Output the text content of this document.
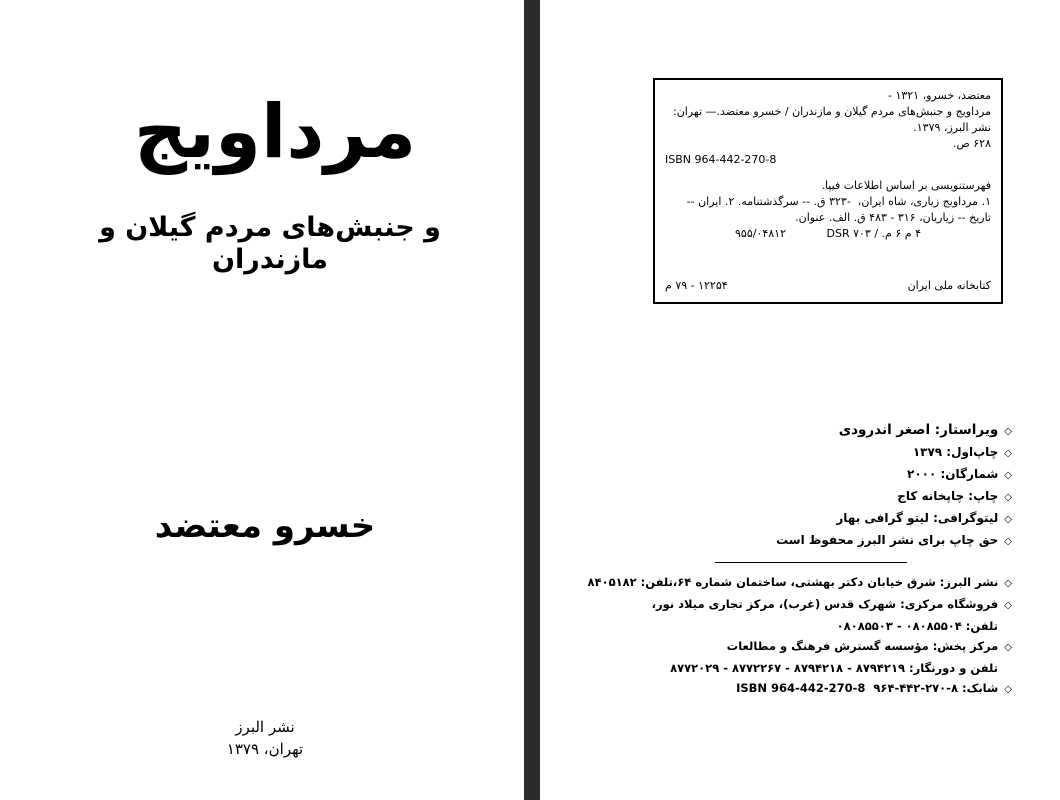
مرداویج
و جنبش‌های مردم گیلان و مازندران
خسرو معتضد
نشر البرز
تهران، ۱۳۷۹
معتضد، خسرو، ۱۳۲۱ -
مرداویج و جنبش‌های مردم گیلان و مازندران / خسرو معتضد.— تهران:
نشر البرز، ۱۳۷۹.
۶۲۸ ص.
ISBN 964-442-270-8
فهرستنویسی بر اساس اطلاعات فیپا.
۱. مرداویج زیاری، شاه ایران، ‍ ‍-۳۲۳ ق. -- سرگذشتنامه. ۲. ایران --
تاریخ -- زیاریان، ۳۱۶ - ۴۸۳ ق. الف. عنوان.
۴ م ۶ م. / DSR ۷۰۳
۹۵۵/۰۴۸۱۲
کتابخانه ملی ایران
۱۲۲۵۴ - ۷۹ م
◇ویراستار: اصغر اندرودی
◇چاپ‌اول: ۱۳۷۹
◇شمارگان: ۲۰۰۰
◇چاپ: چاپخانه کاج
◇لیتوگرافی: لیتو گرافی بهار
◇حق چاپ برای نشر البرز محفوظ است
◇نشر البرز: شرق خیابان دکتر بهشتی، ساختمان شماره ۶۴،تلفن: ۸۴۰۵۱۸۲
◇فروشگاه مرکزی: شهرک قدس (غرب)، مرکز تجاری میلاد نور،
تلفن: ۰۸۰۸۵۵۰۴ - ۰۸۰۸۵۵۰۳
◇مرکز پخش: مؤسسه گسترش فرهنگ و مطالعات
تلفن و دورنگار: ۸۷۹۴۲۱۹ - ۸۷۹۴۲۱۸ - ۸۷۷۲۲۶۷ - ۸۷۷۲۰۲۹
◇شابک: ۸-۲۷۰-۴۴۲-۹۶۴  ISBN 964-442-270-8
